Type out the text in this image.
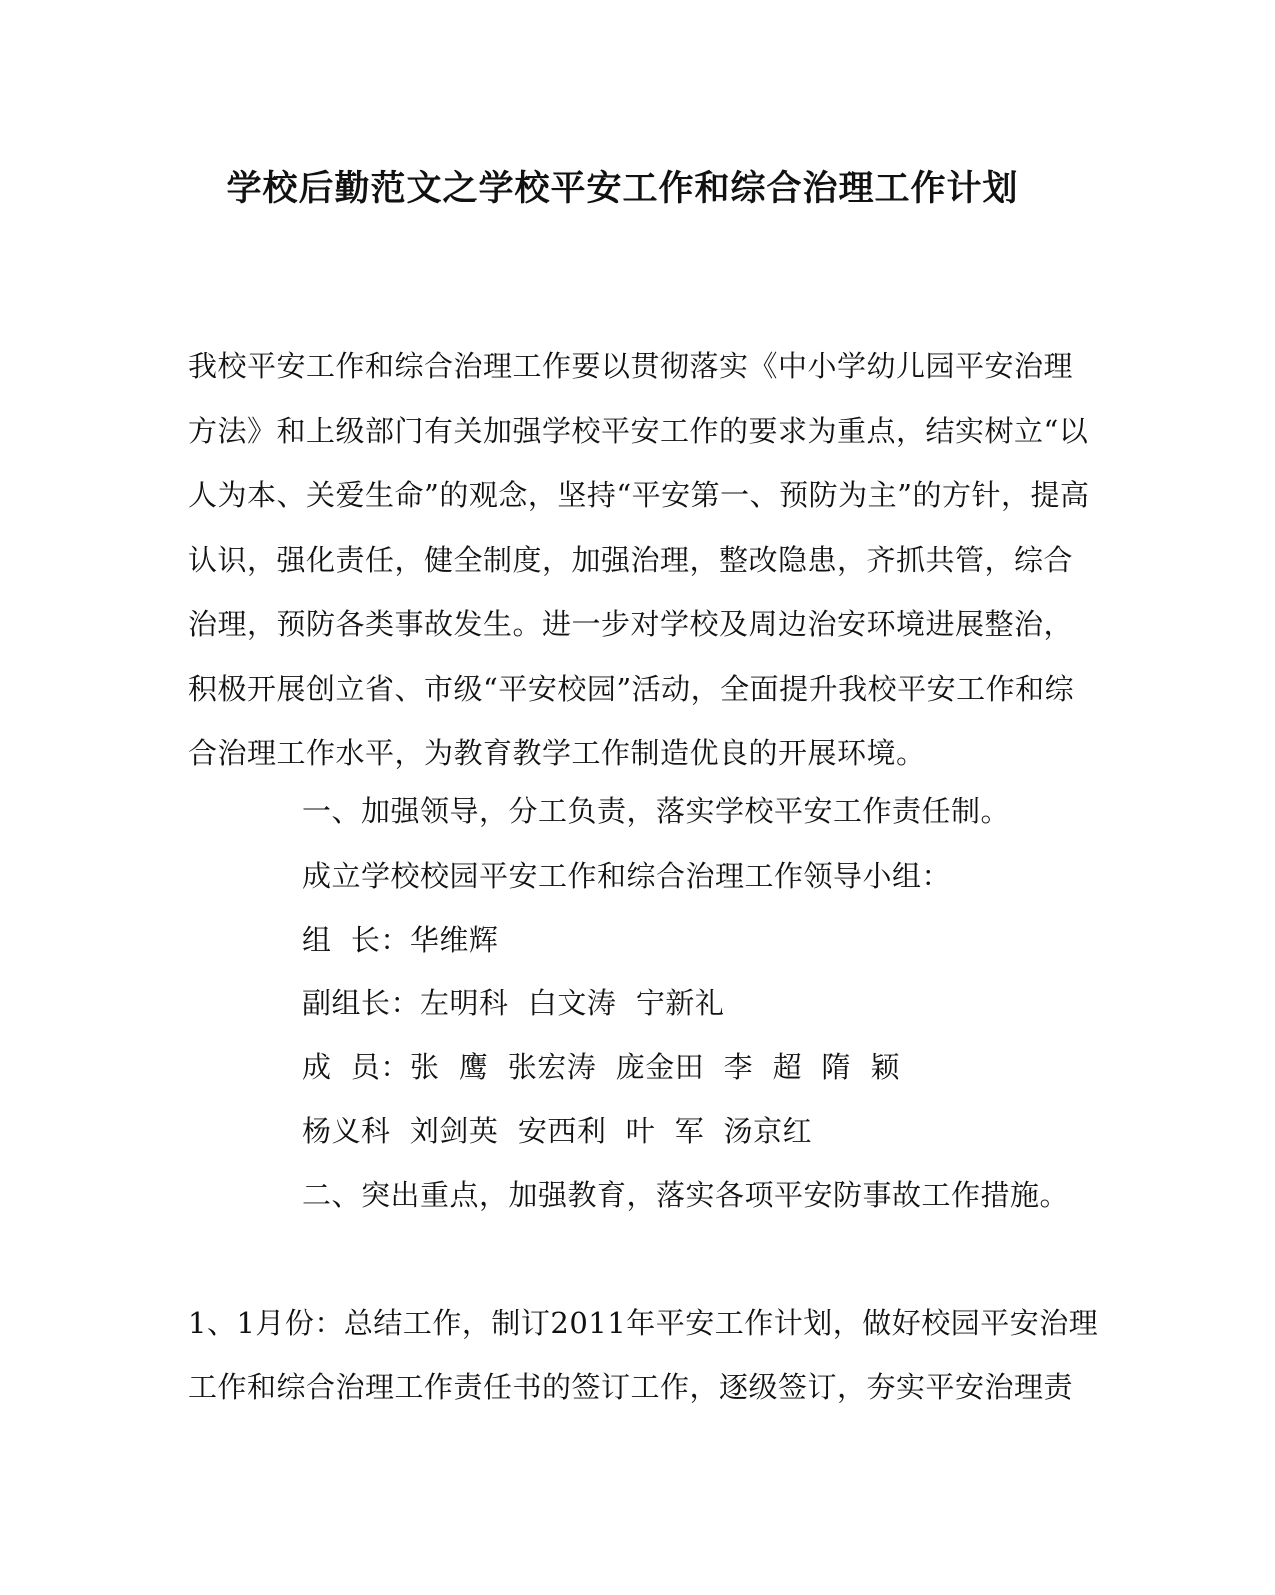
学校后勤范文之学校平安工作和综合治理工作计划
我校平安工作和综合治理工作要以贯彻落实《中小学幼儿园平安治理
方法》和上级部门有关加强学校平安工作的要求为重点，结实树立“以
人为本、关爱生命”的观念，坚持“平安第一、预防为主”的方针，提高
认识，强化责任，健全制度，加强治理，整改隐患，齐抓共管，综合
治理，预防各类事故发生。进一步对学校及周边治安环境进展整治，
积极开展创立省、市级“平安校园”活动，全面提升我校平安工作和综
合治理工作水平，为教育教学工作制造优良的开展环境。
一、加强领导，分工负责，落实学校平安工作责任制。
成立学校校园平安工作和综合治理工作领导小组：
组  长：华维辉
副组长：左明科  白文涛  宁新礼
成  员：张  鹰  张宏涛  庞金田  李  超  隋  颖
杨义科  刘剑英  安西利  叶  军  汤京红
二、突出重点，加强教育，落实各项平安防事故工作措施。
1、1月份：总结工作，制订2011年平安工作计划，做好校园平安治理
工作和综合治理工作责任书的签订工作，逐级签订，夯实平安治理责
